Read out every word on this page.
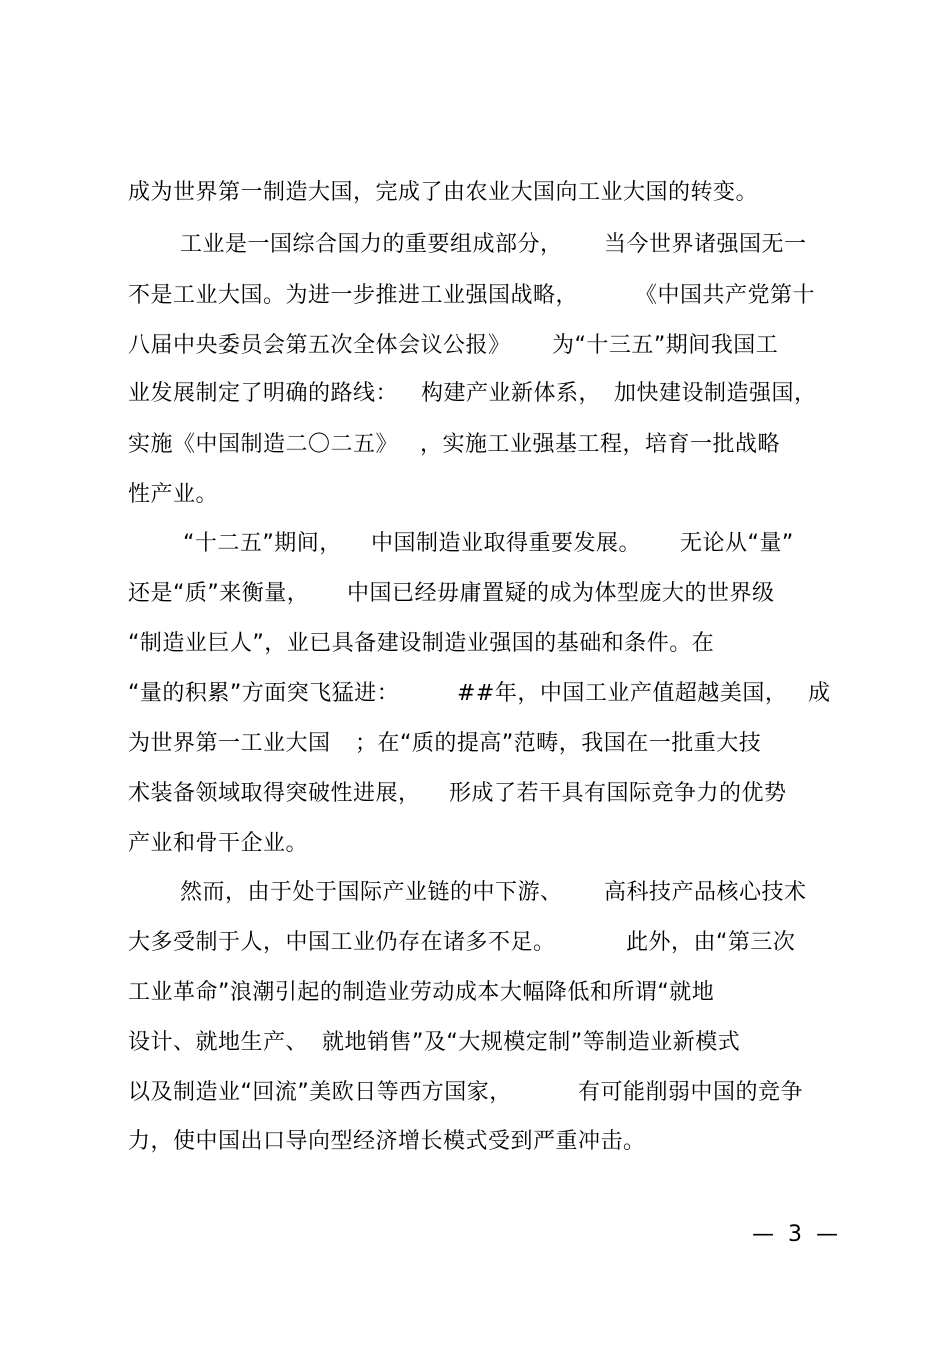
成为世界第一制造大国，完成了由农业大国向工业大国的转变。
工业是一国综合国力的重要组成部分， 当今世界诸强国无一
不是工业大国。为进一步推进工业强国战略，	《中国共产党第十
八届中央委员会第五次全体会议公报》 为“十三五”期间我国工
业发展制定了明确的路线： 构建产业新体系， 加快建设制造强国，
实施《中国制造二〇二五》 ，实施工业强基工程，培育一批战略
性产业。
“十二五”期间， 中国制造业取得重要发展。 无论从“量”
还是“质”来衡量， 中国已经毋庸置疑的成为体型庞大的世界级
“制造业巨人”，业已具备建设制造业强国的基础和条件。在
“量的积累”方面突飞猛进：	##年，中国工业产值超越美国， 成
为世界第一工业大国 ；在“质的提高”范畴，我国在一批重大技
术装备领域取得突破性进展， 形成了若干具有国际竞争力的优势
产业和骨干企业。
然而，由于处于国际产业链的中下游、 高科技产品核心技术
大多受制于人，中国工业仍存在诸多不足。	此外，由“第三次
工业革命”浪潮引起的制造业劳动成本大幅降低和所谓“就地
设计、就地生产、 就地销售”及“大规模定制”等制造业新模式
以及制造业“回流”美欧日等西方国家，	有可能削弱中国的竞争
力，使中国出口导向型经济增长模式受到严重冲击。
—  3  —
